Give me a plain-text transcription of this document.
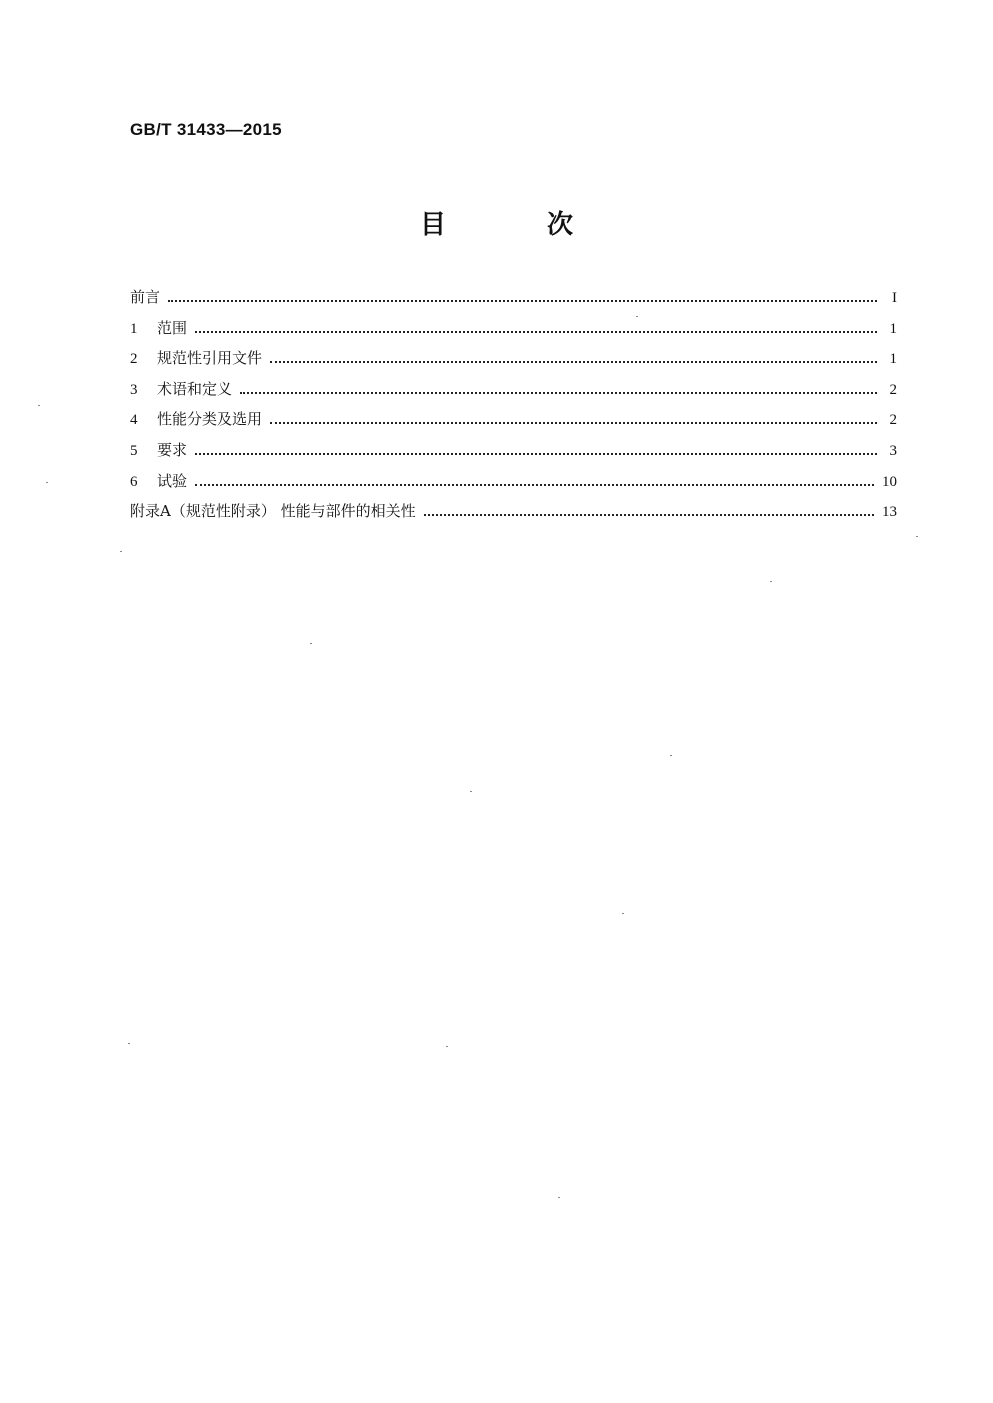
GB/T 31433—2015
目 次
前言	I
1	范围	1
2	规范性引用文件	1
3	术语和定义	2
4	性能分类及选用	2
5	要求	3
6	试验	10
附录A（规范性附录） 性能与部件的相关性	13
